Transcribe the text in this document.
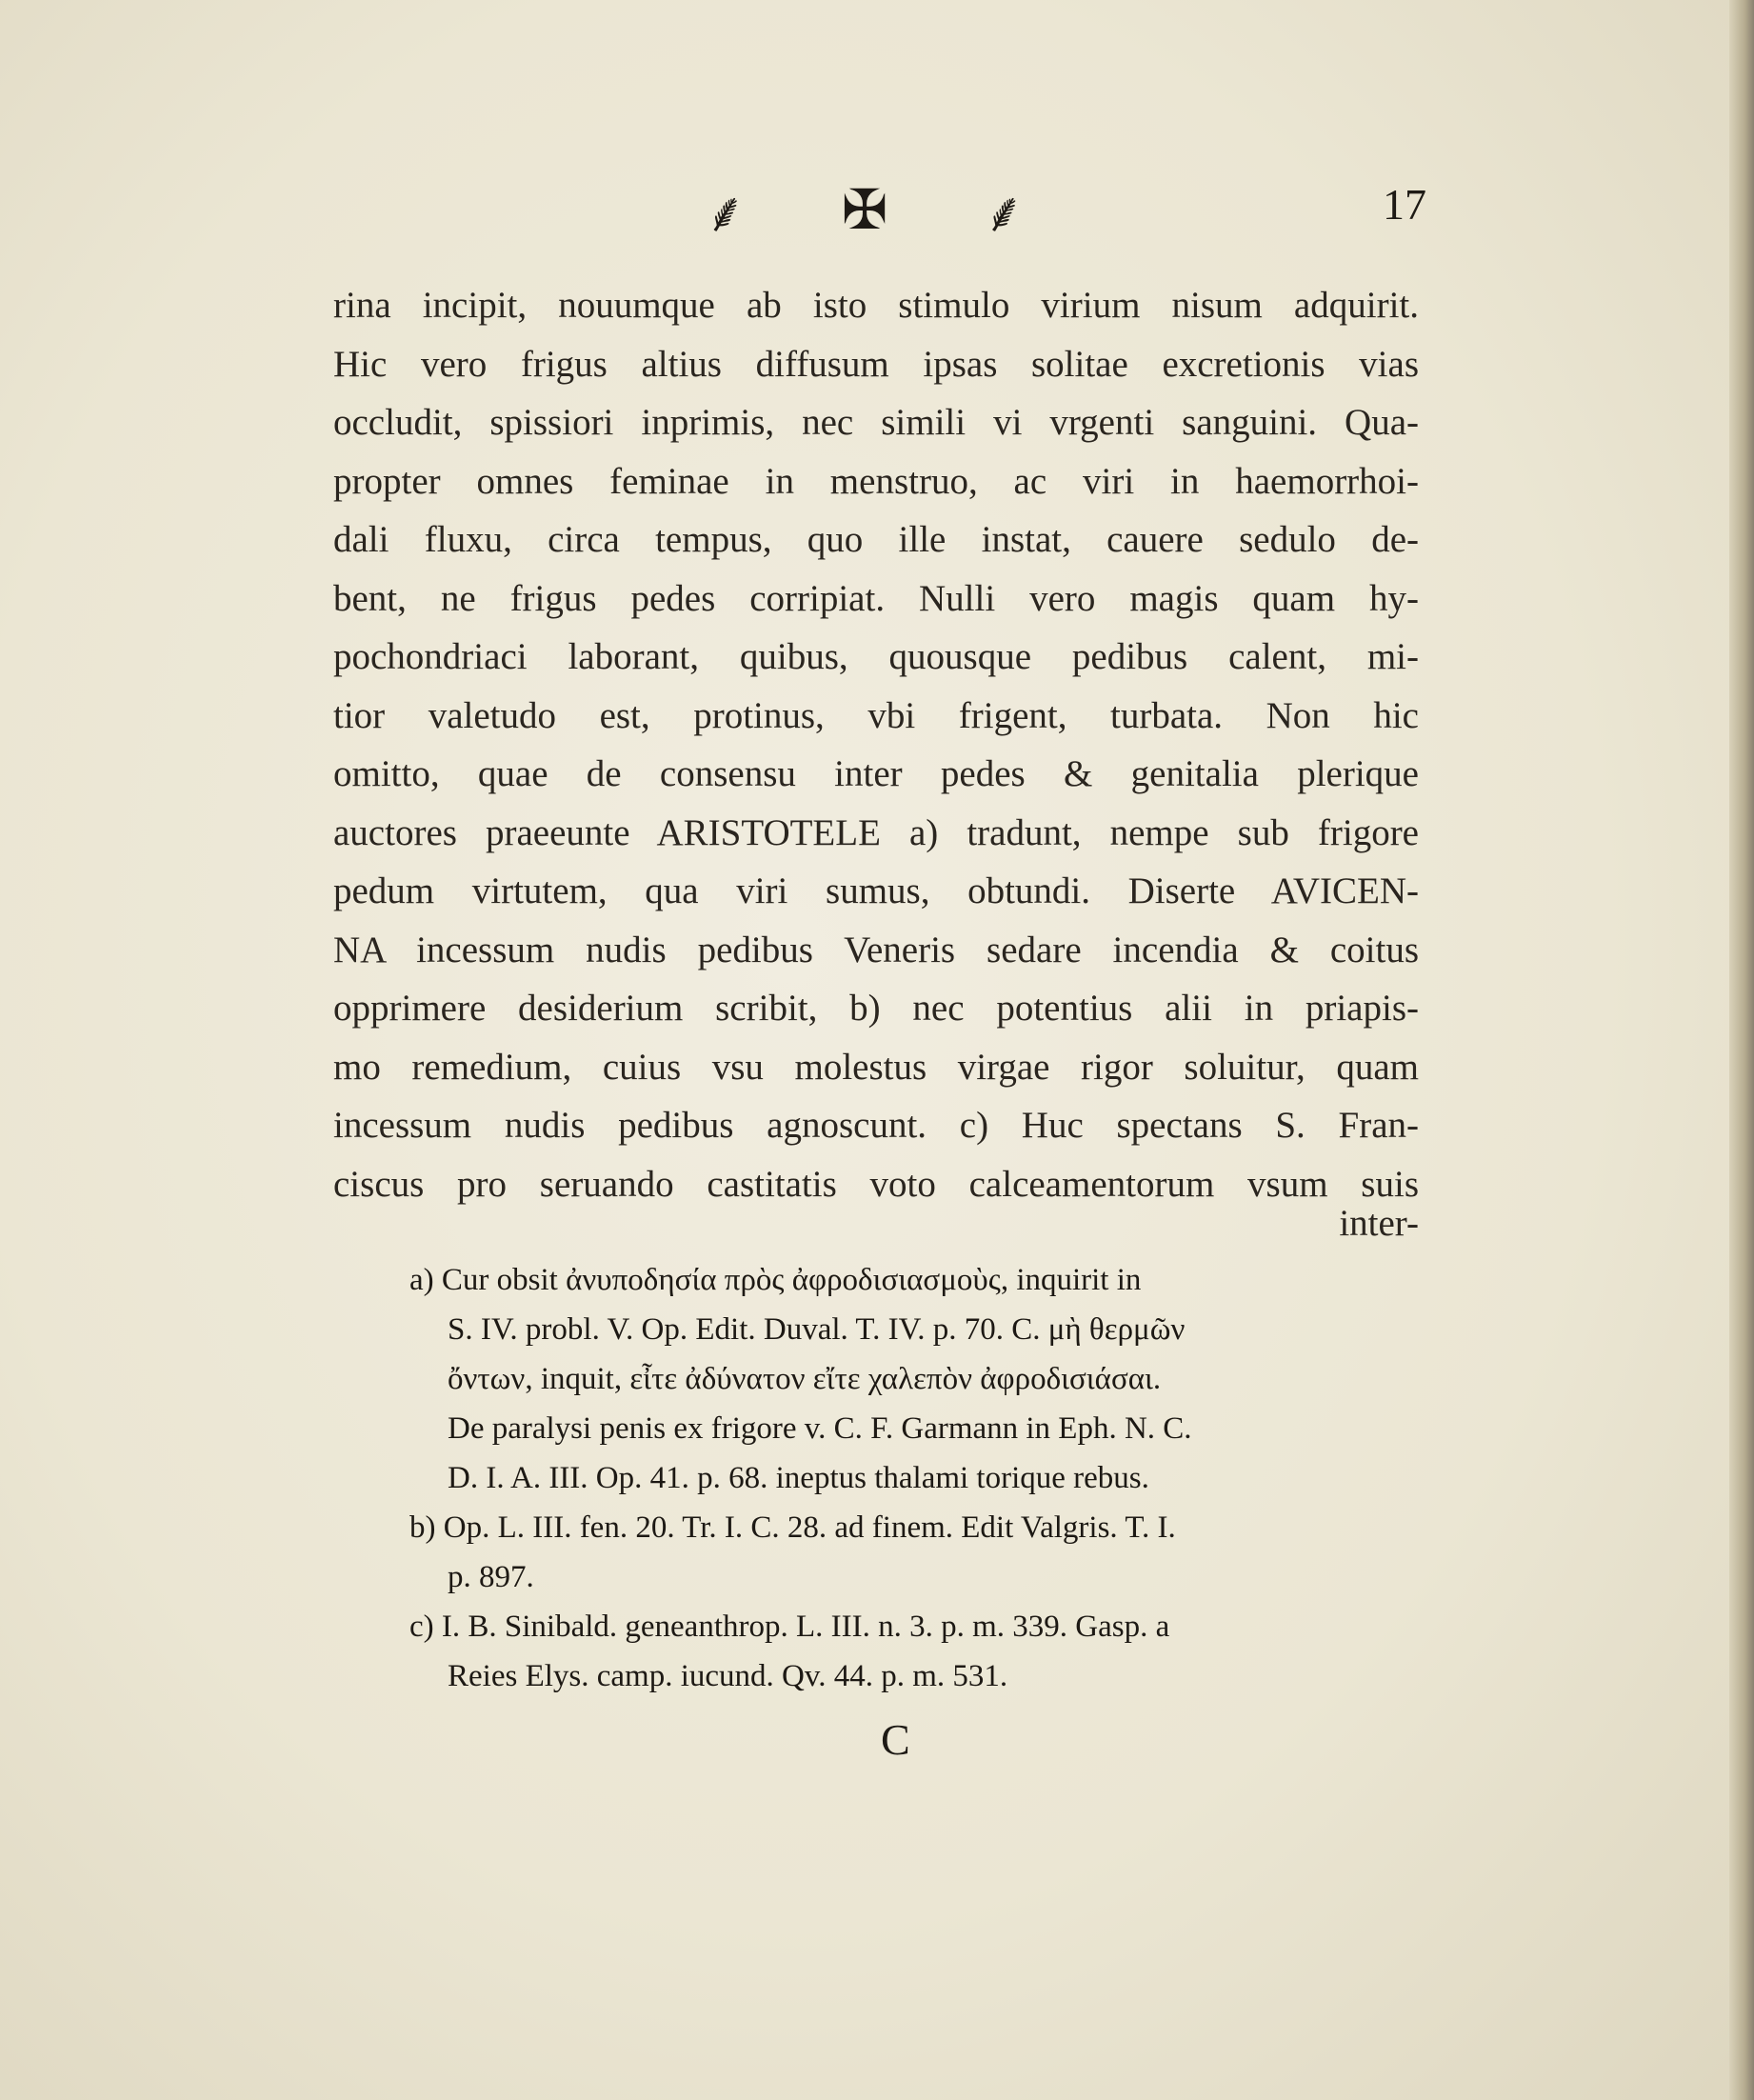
⸙ ✠ ⸙	17
rina incipit, nouumque ab isto stimulo virium nisum adquirit.
Hic vero frigus altius diffusum ipsas solitae excretionis vias
occludit, spissiori inprimis, nec simili vi vrgenti sanguini. Qua-
propter omnes feminae in menstruo, ac viri in haemorrhoi-
dali fluxu, circa tempus, quo ille instat, cauere sedulo de-
bent, ne frigus pedes corripiat. Nulli vero magis quam hy-
pochondriaci laborant, quibus, quousque pedibus calent, mi-
tior valetudo est, protinus, vbi frigent, turbata. Non hic
omitto, quae de consensu inter pedes & genitalia plerique
auctores praeeunte ARISTOTELE a) tradunt, nempe sub frigore
pedum virtutem, qua viri sumus, obtundi. Diserte AVICEN-
NA incessum nudis pedibus Veneris sedare incendia & coitus
opprimere desiderium scribit, b) nec potentius alii in priapis-
mo remedium, cuius vsu molestus virgae rigor soluitur, quam
incessum nudis pedibus agnoscunt. c) Huc spectans S. Fran-
ciscus pro seruando castitatis voto calceamentorum vsum suis
inter-
a) Cur obsit ἀνυποδησία πρὸς ἀφροδισιασμοὺς, inquirit in
S. IV. probl. V. Op. Edit. Duval. T. IV. p. 70. C. μὴ θερμῶν
ὄντων, inquit, εἶτε ἀδύνατον εἴτε χαλεπὸν ἀφροδισιάσαι.
De paralysi penis ex frigore v. C. F. Garmann in Eph. N. C.
D. I. A. III. Op. 41. p. 68. ineptus thalami torique rebus.
b) Op. L. III. fen. 20. Tr. I. C. 28. ad finem. Edit Valgris. T. I.
p. 897.
c) I. B. Sinibald. geneanthrop. L. III. n. 3. p. m. 339. Gasp. a
Reies Elys. camp. iucund. Qv. 44. p. m. 531.
C
